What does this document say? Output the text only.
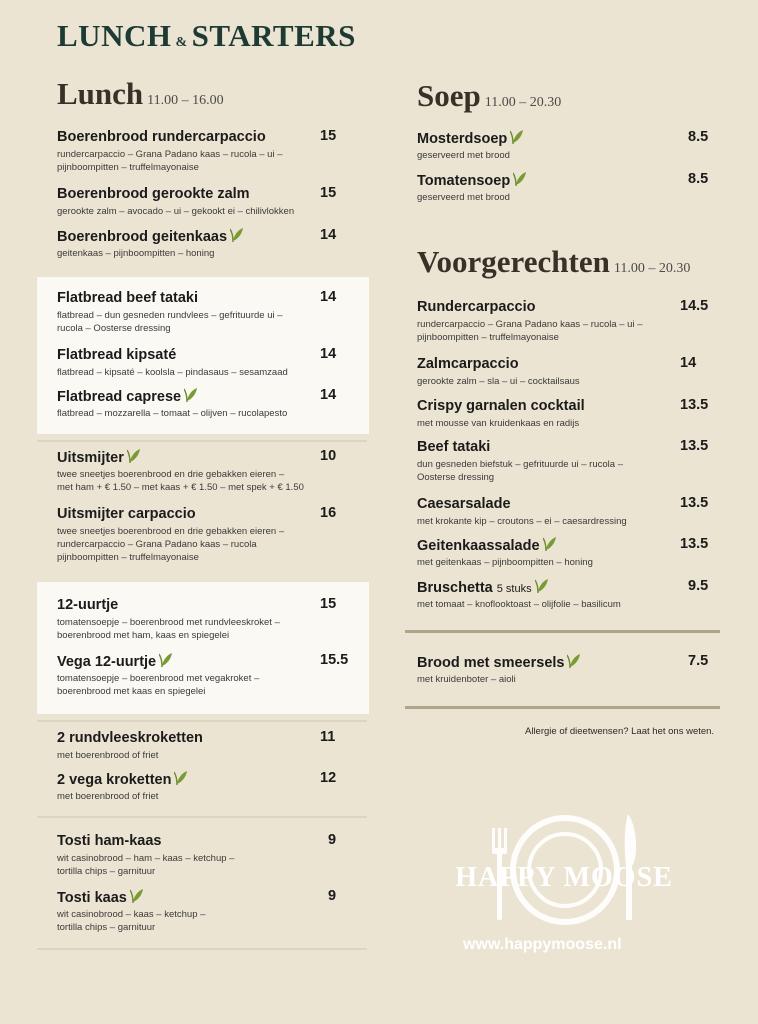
LUNCH & STARTERS
Lunch 11.00 – 16.00	Soep 11.00 – 20.30
Voorgerechten 11.00 – 20.30
Boerenbrood rundercarpaccio	15
rundercarpaccio – Grana Padano kaas – rucola – ui –
pijnboompitten – truffelmayonaise
Boerenbrood gerookte zalm	15
gerookte zalm – avocado – ui – gekookt ei – chilivlokken
Boerenbrood geitenkaas	14
geitenkaas – pijnboompitten – honing
Flatbread beef tataki	14
flatbread – dun gesneden rundvlees – gefrituurde ui –
rucola – Oosterse dressing
Flatbread kipsaté	14
flatbread – kipsaté – koolsla – pindasaus – sesamzaad
Flatbread caprese	14
flatbread – mozzarella – tomaat – olijven – rucolapesto
Uitsmijter	10
twee sneetjes boerenbrood en drie gebakken eieren –
met ham + € 1.50 – met kaas + € 1.50 – met spek + € 1.50
Uitsmijter carpaccio	16
twee sneetjes boerenbrood en drie gebakken eieren –
rundercarpaccio – Grana Padano kaas – rucola
pijnboompitten – truffelmayonaise
12-uurtje	15
tomatensoepje – boerenbrood met rundvleeskroket –
boerenbrood met ham, kaas en spiegelei
Vega 12-uurtje	15.5
tomatensoepje – boerenbrood met vegakroket –
boerenbrood met kaas en spiegelei
2 rundvleeskroketten	11
met boerenbrood of friet
2 vega kroketten	12
met boerenbrood of friet
Tosti ham-kaas	9
wit casinobrood – ham – kaas – ketchup –
tortilla chips – garnituur
Tosti kaas	9
wit casinobrood – kaas – ketchup –
tortilla chips – garnituur
Mosterdsoep	8.5
geserveerd met brood
Tomatensoep	8.5
geserveerd met brood
Rundercarpaccio	14.5
rundercarpaccio – Grana Padano kaas – rucola – ui –
pijnboompitten – truffelmayonaise
Zalmcarpaccio	14
gerookte zalm – sla – ui – cocktailsaus
Crispy garnalen cocktail	13.5
met mousse van kruidenkaas en radijs
Beef tataki	13.5
dun gesneden biefstuk – gefrituurde ui – rucola –
Oosterse dressing
Caesarsalade	13.5
met krokante kip – croutons – ei – caesardressing
Geitenkaassalade	13.5
met geitenkaas – pijnboompitten – honing
Bruschetta 5 stuks	9.5
met tomaat – knoflooktoast – olijfolie – basilicum
Brood met smeersels	7.5
met kruidenboter – aioli
Allergie of dieetwensen? Laat het ons weten.
HAPPY MOOSE
www.happymoose.nl
